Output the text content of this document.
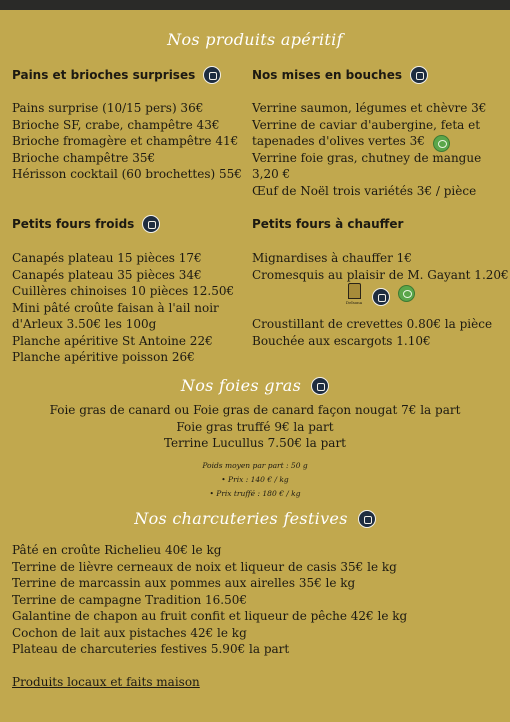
Nos produits apéritif
Pains et brioches surprises
Pains surprise (10/15 pers) 36€
Brioche SF, crabe, champêtre 43€
Brioche fromagère et champêtre 41€
Brioche champêtre 35€
Hérisson cocktail (60 brochettes) 55€
Nos mises en bouches
Verrine saumon, légumes et chèvre 3€
Verrine de caviar d'aubergine, feta et
tapenades d'olives vertes 3€
Verrine foie gras, chutney de mangue
3,20 €
Œuf de Noël trois variétés 3€ / pièce
Petits fours froids
Canapés plateau 15 pièces 17€
Canapés plateau 35 pièces 34€
Cuillères chinoises 10 pièces 12.50€
Mini pâté croûte faisan à l'ail noir
d'Arleux 3.50€ les 100g
Planche apéritive St Antoine 22€
Planche apéritive poisson 26€
Petits fours à chauffer
Mignardises à chauffer 1€
Cromesquis au plaisir de M. Gayant 1.20€
Delsona
Croustillant de crevettes 0.80€ la pièce
Bouchée aux escargots 1.10€
Nos foies gras
Foie gras de canard ou Foie gras de canard façon nougat 7€ la part
Foie gras truffé 9€ la part
Terrine Lucullus 7.50€ la part
Poids moyen par part : 50 g
• Prix : 140 € / kg
• Prix truffé : 180 € / kg
Nos charcuteries festives
Pâté en croûte Richelieu 40€ le kg
Terrine de lièvre cerneaux de noix et liqueur de casis 35€ le kg
Terrine de marcassin aux pommes aux airelles 35€ le kg
Terrine de campagne Tradition 16.50€
Galantine de chapon au fruit confit et liqueur de pêche 42€ le kg
Cochon de lait aux pistaches 42€ le kg
Plateau de charcuteries festives 5.90€ la part
Produits locaux et faits maison
